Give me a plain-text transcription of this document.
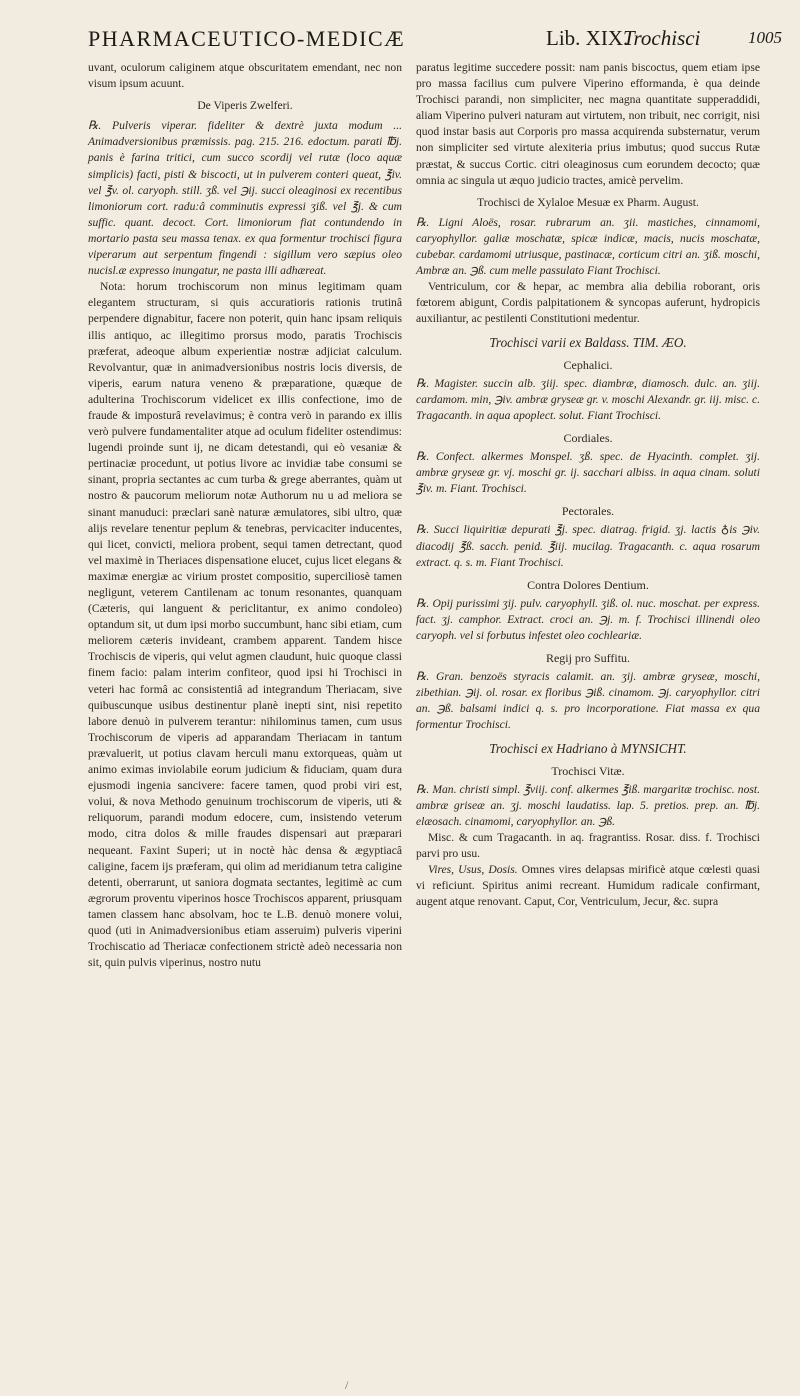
PHARMACEUTICO-MEDICÆ	Lib. XIX.
Trochisci	1005

uvant, oculorum caliginem atque obscuritatem emendant, nec non visum ipsum acuunt.

De Viperis Zwelferi.

℞. Pulveris viperar. fideliter & dextrè juxta modum ... Animadversionibus præmissis. pag. 215. 216. edoctum. parati ℔j. panis è farina tritici, cum succo scordij vel rutæ (loco aquæ simplicis) facti, pisti & biscocti, ut in pulverem conteri queat, ℥iv. vel ℥v. ol. caryoph. still. ʒß. vel ℈ij. succi oleaginosi ex recentibus limoniorum cort. radu:â comminutis expressi ʒiß. vel ℥j. & cum suffic. quant. decoct. Cort. limoniorum fiat contundendo in mortario pasta seu massa tenax. ex qua formentur trochisci figura viperarum aut serpentum fingendi : sigillum vero sæpius oleo nucisl.æ expresso inungatur, ne pasta illi adhæreat.

Nota: horum trochiscorum non minus legitimam quam elegantem structuram, si quis accuratioris rationis trutinâ perpendere dignabitur, facere non poterit, quin hanc ipsam reliquis illis antiquo, ac illegitimo prorsus modo, paratis Trochiscis præferat, adeoque album experientiæ nostræ adjiciat calculum. Revolvantur, quæ in animadversionibus nostris locis diversis, de viperis, earum natura veneno & præparatione, quæque de adulterina Trochiscorum videlicet ex illis confectione, imo de fraude & imposturâ revelavimus; è contra verò in parando ex illis verò pulvere fundamentaliter atque ad oculum fideliter ostendimus: lugendi proinde sunt ij, ne dicam detestandi, qui eò vesaniæ & pertinaciæ procedunt, ut potius livore ac invidiæ tabe consumi se sinant, propria sectantes ac cum turba & grege aberrantes, quàm ut nostro & paucorum meliorum notæ Authorum nu u ad meliora se sinant manuduci: præclari sanè naturæ æmulatores, sibi ultro, quæ alijs revelare tenentur peplum & tenebras, pervicaciter inducentes, qui licet, convicti, meliora probent, sequi tamen detrectant, quod vel maximè in Theriaces dispensatione elucet, cujus licet elegans & maximæ energiæ ac virium prostet compositio, superciliosè tamen negligunt, veterem Cantilenam ac tonum resonantes, quanquam (Cæteris, qui languent & periclitantur, ex animo condoleo) optandum sit, ut dum ipsi morbo succumbunt, hanc sibi etiam, cum meliorem cæteris invideant, crambem apparent. Tandem hisce Trochiscis de viperis, qui velut agmen claudunt, huic quoque classi finem facio: palam interim confiteor, quod ipsi hi Trochisci in veteri hac formâ ac consistentiâ ad integrandum Theriacam, sive quibuscunque usibus destinentur planè inepti sint, nisi repetito labore denuò in pulverem terantur: nihilominus tamen, cum usus Trochiscorum de viperis ad apparandam Theriacam in tantum prævaluerit, ut potius clavam herculi manu extorqueas, quàm ut animo eximas inviolabile eorum judicium & fiduciam, quam dura ejusmodi ingenia sancivere: facere tamen, quod probi viri est, volui, & nova Methodo genuinum trochiscorum de viperis, uti & reliquorum, parandi modum edocere, cum, insistendo veterum modo, citra dolos & mille fraudes dispensari aut præparari nequeant. Faxint Superi; ut in noctè hàc densa & ægyptiacâ caligine, facem ijs præferam, qui olim ad meridianum tetra caligine detenti, oberrarunt, ut saniora dogmata sectantes, legitimè ac cum ægrorum proventu viperinos hosce Trochiscos apparent, priusquam tamen classem hanc absolvam, hoc te L.B. denuò monere volui, quod (uti in Animadversionibus etiam asseruim) pulveris viperini Trochiscatio ad Theriacæ confectionem strictè adeò necessaria non sit, quin pulvis viperinus, nostro nutu

paratus legitime succedere possit: nam panis biscoctus, quem etiam ipse pro massa facilius cum pulvere Viperino efformanda, è qua deinde Trochisci parandi, non simpliciter, nec magna quantitate supperaddidi, aliam Viperino pulveri naturam aut virtutem, non tribuit, nec corrigit, nisi quod instar basis aut Corporis pro massa acquirenda substernatur, verum non simpliciter sed virtute alexiteria prius imbutus; quod succus Rutæ præstat, & succus Cortic. citri oleaginosus cum eorundem decocto; quæ omnia ac singula ut æquo judicio tractes, amicè pervelim.

Trochisci de Xylaloe Mesuæ ex Pharm. August.

℞. Ligni Aloës, rosar. rubrarum an. ʒii. mastiches, cinnamomi, caryophyllor. galiæ moschatæ, spicæ indicæ, macis, nucis moschatæ, cubebar. cardamomi utriusque, pastinacæ, corticum citri an. ʒiß. moschi, Ambræ an. ℈ß. cum melle passulato Fiant Trochisci.

Ventriculum, cor & hepar, ac membra alia debilia roborant, oris fœtorem abigunt, Cordis palpitationem & syncopas auferunt, hydropicis auxiliantur, ac pestilenti Constitutioni medentur.

Trochisci varii ex Baldass. TIM. ÆO.

Cephalici.

℞. Magister. succin alb. ʒiij. spec. diambræ, diamosch. dulc. an. ʒiij. cardamom. min, ℈iv. ambræ gryseæ gr. v. moschi Alexandr. gr. iij. misc. c. Tragacanth. in aqua apoplect. solut. Fiant Trochisci.

Cordiales.

℞. Confect. alkermes Monspel. ʒß. spec. de Hyacinth. complet. ʒij. ambræ gryseæ gr. vj. moschi gr. ij. sacchari albiss. in aqua cinam. soluti ℥iv. m. Fiant. Trochisci.

Pectorales.

℞. Succi liquiritiæ depurati ℥j. spec. diatrag. frigid. ʒj. lactis ♁is ℈iv. diacodij ℥ß. sacch. penid. ℥iij. mucilag. Tragacanth. c. aqua rosarum extract. q. s. m. Fiant Trochisci.

Contra Dolores Dentium.

℞. Opij purissimi ʒij. pulv. caryophyll. ʒiß. ol. nuc. moschat. per express. fact. ʒj. camphor. Extract. croci an. ℈j. m. f. Trochisci illinendi oleo caryoph. vel si forbutus infestet oleo cochleariæ.

Regij pro Suffitu.

℞. Gran. benzoës styracis calamit. an. ʒij. ambræ gryseæ, moschi, zibethian. ℈ij. ol. rosar. ex floribus ℈iß. cinamom. ℈j. caryophyllor. citri an. ℈ß. balsami indici q. s. pro incorporatione. Fiat massa ex qua formentur Trochisci.

Trochisci ex Hadriano à MYNSICHT.

Trochisci Vitæ.

℞. Man. christi simpl. ℥viij. conf. alkermes ℥iß. margaritæ trochisc. nost. ambræ griseæ an. ʒj. moschi laudatiss. lap. 5. pretios. prep. an. ℔j. elæosach. cinamomi, caryophyllor. an. ℈ß.

Misc. & cum Tragacanth. in aq. fragrantiss. Rosar. diss. f. Trochisci parvi pro usu.

Vires, Usus, Dosis. Omnes vires delapsas mirificè atque cœlesti quasi vi reficiunt. Spiritus animi recreant. Humidum radicale confirmant, augent atque renovant. Caput, Cor, Ventriculum, Jecur, &c. supra

/
